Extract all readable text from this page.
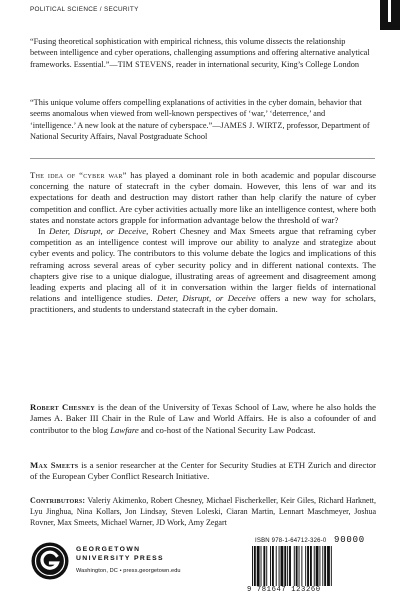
POLITICAL SCIENCE / SECURITY
“Fusing theoretical sophistication with empirical richness, this volume dissects the relationship between intelligence and cyber operations, challenging assumptions and offering alternative analytical frameworks. Essential.”—TIM STEVENS, reader in international security, King’s College London
“This unique volume offers compelling explanations of activities in the cyber domain, behavior that seems anomalous when viewed from well-known perspectives of ‘war,’ ‘deterrence,’ and ‘intelligence.’ A new look at the nature of cyberspace.”—JAMES J. WIRTZ, professor, Department of National Security Affairs, Naval Postgraduate School

The idea of “cyber war” has played a dominant role in both academic and popular discourse concerning the nature of statecraft in the cyber domain. However, this lens of war and its expectations for death and destruction may distort rather than help clarify the nature of cyber competition and conflict. Are cyber activities actually more like an intelligence contest, where both states and nonstate actors grapple for information advantage below the threshold of war?

In Deter, Disrupt, or Deceive, Robert Chesney and Max Smeets argue that reframing cyber competition as an intelligence contest will improve our ability to analyze and strategize about cyber events and policy. The contributors to this volume debate the logics and implications of this reframing across several areas of cyber security policy and in different national contexts. The chapters give rise to a unique dialogue, illustrating areas of agreement and disagreement among leading experts and placing all of it in conversation within the larger fields of international relations and intelligence studies. Deter, Disrupt, or Deceive offers a new way for scholars, practitioners, and students to understand statecraft in the cyber domain.

Robert Chesney is the dean of the University of Texas School of Law, where he also holds the James A. Baker III Chair in the Rule of Law and World Affairs. He is also a cofounder of and contributor to the blog Lawfare and co-host of the National Security Law Podcast.
Max Smeets is a senior researcher at the Center for Security Studies at ETH Zurich and director of the European Cyber Conflict Research Initiative.
Contributors: Valeriy Akimenko, Robert Chesney, Michael Fischerkeller, Keir Giles, Richard Harknett, Lyu Jinghua, Nina Kollars, Jon Lindsay, Steven Loleski, Ciaran Martin, Lennart Maschmeyer, Joshua Rovner, Max Smeets, Michael Warner, JD Work, Amy Zegart
GEORGETOWN
UNIVERSITY PRESS
Washington, DC • press.georgetown.edu
ISBN 978-1-64712-326-0 90000
9 781647 123260
